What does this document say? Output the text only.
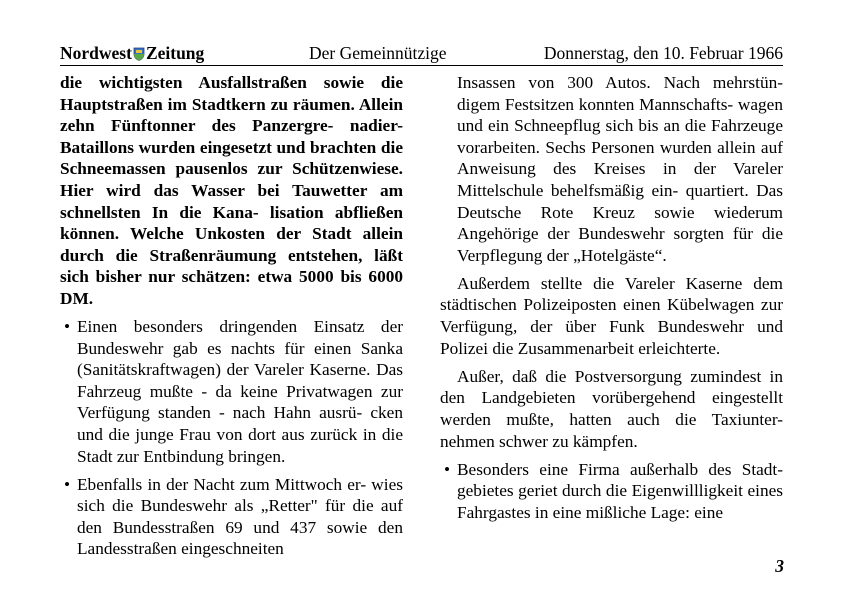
Nordwest Zeitung	Der Gemeinnützige	Donnerstag, den 10. Februar 1966

die wichtigsten Ausfallstraßen sowie die Hauptstraßen im Stadtkern zu räumen. Allein zehn Fünftonner des Panzergre- nadier-Bataillons wurden eingesetzt und brachten die Schneemassen pausenlos zur Schützenwiese. Hier wird das Wasser bei Tauwetter am schnellsten In die Kana- lisation abfließen können. Welche Unkosten der Stadt allein durch die Straßenräumung entstehen, läßt sich bisher nur schätzen: etwa 5000 bis 6000 DM.

• Einen besonders dringenden Einsatz der Bundeswehr gab es nachts für einen Sanka (Sanitätskraftwagen) der Vareler Kaserne. Das Fahrzeug mußte - da keine Privatwagen zur Verfügung standen - nach Hahn ausrü- cken und die junge Frau von dort aus zurück in die Stadt zur Entbindung bringen.

• Ebenfalls in der Nacht zum Mittwoch er- wies sich die Bundeswehr als „Retter" für die auf den Bundesstraßen 69 und 437 sowie den Landesstraßen eingeschneiten

Insassen von 300 Autos. Nach mehrstün- digem Festsitzen konnten Mannschafts- wagen und ein Schneepflug sich bis an die Fahrzeuge vorarbeiten. Sechs Personen wurden allein auf Anweisung des Kreises in der Vareler Mittelschule behelfsmäßig ein- quartiert. Das Deutsche Rote Kreuz sowie wiederum Angehörige der Bundeswehr sorgten für die Verpflegung der „Hotelgäste“.

Außerdem stellte die Vareler Kaserne dem städtischen Polizeiposten einen Kübelwagen zur Verfügung, der über Funk Bundeswehr und Polizei die Zusammenarbeit erleichterte.

Außer, daß die Postversorgung zumindest in den Landgebieten vorübergehend eingestellt werden mußte, hatten auch die Taxiunter- nehmen schwer zu kämpfen.

• Besonders eine Firma außerhalb des Stadt- gebietes geriet durch die Eigenwillligkeit eines Fahrgastes in eine mißliche Lage: eine

3
